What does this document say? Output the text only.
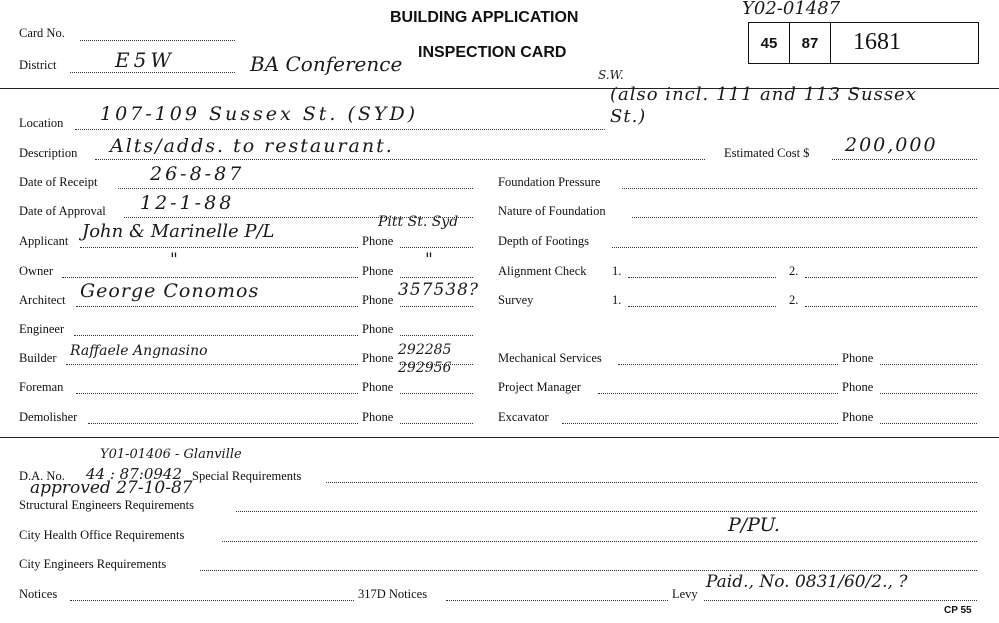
BUILDING APPLICATION
INSPECTION CARD
Y02-01487
45	87	1681
Card No.
District	E5W	BA Conference	S.W.
Location 107-109 Sussex St. (SYD)
(also incl. 111 and 113 Sussex St.)
Description Alts/adds. to restaurant.	Estimated Cost $ 200,000
Date of Receipt	26-8-87
Date of Approval 12-1-88
Applicant John & Marinelle P/L	Phone
Pitt St. Syd
Owner
"
Phone
"
Architect George Conomos	Phone 357538?
Engineer	Phone
Builder Raffaele Angnasino	Phone 292285
292956
Foreman	Phone
Demolisher	Phone
Foundation Pressure
Nature of Foundation
Depth of Footings
Alignment Check 1.	2.
Survey	1.	2.
Mechanical Services	Phone
Project Manager	Phone
Excavator	Phone
Y01-01406 - Glanville
D.A. No. 44 : 87:0942 Special Requirements
approved 27-10-87
Structural Engineers Requirements
City Health Office Requirements	P/PU.
City Engineers Requirements
Notices	317D Notices	Levy
Paid., No. 0831/60/2., ?
CP 55
